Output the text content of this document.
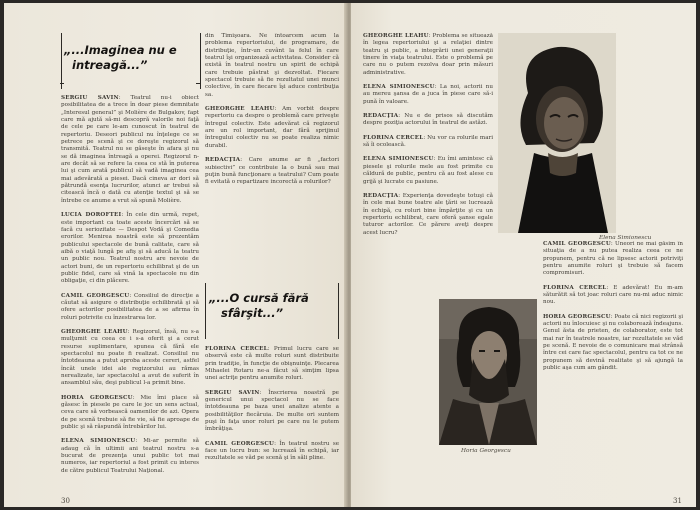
„...Imaginea nu e
intreagă...”

SERGIU SAVIN: Teatrul nu-i obiect posibilitatea de a trece în doar piese demnitate „Interesul general” şi Molière de Bulgakov, fapt care mă ajută să-mi descopră valorile noi faţă de cele pe care le-am cunoscut în teatrul de repertoriu. Deseori publicul nu înţelege ce se petrece pe scenă şi ce doreşte regizorul să transmită. Teatrul nu se găseşte în afara şi nu se dă imaginea întreagă a operei. Regizorul n-are decât să se refere la ceea ce stă în puterea lui şi cum arată publicul să vadă imaginea cea mai adevărată a piesei. Dacă cineva ar dori să pătrundă esenţa lucrurilor, atunci ar trebui să citească încă o dată cu atenţie textul şi să se întrebe ce anume a vrut să spună Molière.

LUCIA DOROFTEI: În cele din urmă, repet, este important ca toate aceste încercări să se facă cu seriozitate — Despot Vodă şi Comedia erorilor. Menirea noastră este să prezentăm publicului spectacole de bună calitate, care să aibă o viaţă lungă pe afiş şi să aducă la teatru un public nou. Teatrul nostru are nevoie de actori buni, de un repertoriu echilibrat şi de un public fidel, care să vină la spectacole nu din obligaţie, ci din plăcere.

CAMIL GEORGESCU: Consiliul de direcţie a căutat să asigure o distribuţie echilibrată şi să ofere actorilor posibilitatea de a se afirma în roluri potrivite cu înzestrarea lor.

GHEORGHE LEAHU: Regizorul, însă, nu s-a mulţumit cu ceea ce i s-a oferit şi a cerut resurse suplimentare, spunea că fără ele spectacolul nu poate fi realizat. Consiliul nu întotdeauna a putut aproba aceste cereri, astfel încât unele idei ale regizorului au rămas nerealizate, iar spectacolul a avut de suferit în ansamblul său, deşi publicul l-a primit bine.

HORIA GEORGESCU: Mie îmi place să găsesc în piesele pe care le joc un sens actual, ceva care să vorbească oamenilor de azi. Opera de pe scenă trebuie să fie vie, să fie aproape de public şi să răspundă întrebărilor lui.

ELENA SIMIONESCU: Mi-ar permite să adaug că în ultimii ani teatrul nostru s-a bucurat de prezenţa unui public tot mai numeros, iar repertoriul a fost primit cu interes de către publicul Teatrului Naţional.

din Timişoara. Ne întoarcem acum la problema repertoriului, de programare, de distribuţie, într-un cuvânt la felul în care teatrul îşi organizează activitatea. Consider că există în teatrul nostru un spirit de echipă care trebuie păstrat şi dezvoltat. Fiecare spectacol trebuie să fie rezultatul unei munci colective, în care fiecare îşi aduce contribuţia sa.

GHEORGHE LEAHU: Am vorbit despre repertoriu ca despre o problemă care priveşte întregul colectiv. Este adevărat că regizorul are un rol important, dar fără sprijinul întregului colectiv nu se poate realiza nimic durabil.

REDACŢIA: Care anume ar fi „factori subiectivi” ce contribuie la o bună sau mai puţin bună funcţionare a teatrului? Cum poate fi evitată o repartizare incorectă a rolurilor?

„...O cursă fără
sfârşit...”

FLORINA CERCEL: Primul lucru care se observă este că multe roluri sunt distribuite prin tradiţie, în funcţie de obişnuinţe. Plecarea Mihaelei Rotaru ne-a făcut să simţim lipsa unei actriţe pentru anumite roluri.

SERGIU SAVIN: Înscrierea noastră pe genericul unui spectacol nu se face întotdeauna pe baza unei analize atente a posibilităţilor fiecăruia. De multe ori suntem puşi în faţa unor roluri pe care nu le putem îmbrăţişa.

CAMIL GEORGESCU: În teatrul nostru se face un lucru bun: se lucrează în echipă, iar rezultatele se văd pe scenă şi în săli pline.

30

GHEORGHE LEAHU: Problema se situează în legea repertoriului şi a relaţiei dintre teatru şi public, a integrării unei generaţii tinere în viaţa teatrului. Este o problemă pe care nu o putem rezolva doar prin măsuri administrative.

ELENA SIMIONESCU: La noi, actorii nu au mereu şansa de a juca în piese care să-i pună în valoare.

REDACŢIA: Nu e de prisos să discutăm despre poziţia actorului în teatrul de astăzi.

FLORINA CERCEL: Nu vor ca rolurile mari să îi ocolească.

ELENA SIMIONESCU: Eu îmi amintesc că piesele şi rolurile mele au fost primite cu căldură de public, pentru că au fost alese cu grijă şi lucrate cu pasiune.

REDACŢIA: Experienţa dovedeşte totuşi că în cele mai bune teatre ale ţării se lucrează în echipă, cu roluri bine împărţite şi cu un repertoriu echilibrat, care oferă şanse egale tuturor actorilor. Ce părere aveţi despre acest lucru?

Elena Simionescu
Horia Georgescu

CAMIL GEORGESCU: Uneori ne mai găsim în situaţia de a nu putea realiza ceea ce ne propunem, pentru că ne lipsesc actorii potriviţi pentru anumite roluri şi trebuie să facem compromisuri.

FLORINA CERCEL: E adevărat! Eu m-am săturătit să tot joac roluri care nu-mi aduc nimic nou.

HORIA GEORGESCU: Poate că nici regizorii şi actorii nu înlocuiesc şi nu colaborează îndeajuns. Genul ăsta de prieten, de colaborator, este tot mai rar în teatrele noastre, iar rezultatele se văd pe scenă. E nevoie de o comunicare mai strânsă între cei care fac spectacolul, pentru ca tot ce ne propunem să devină realitate şi să ajungă la public aşa cum am gândit.

31
